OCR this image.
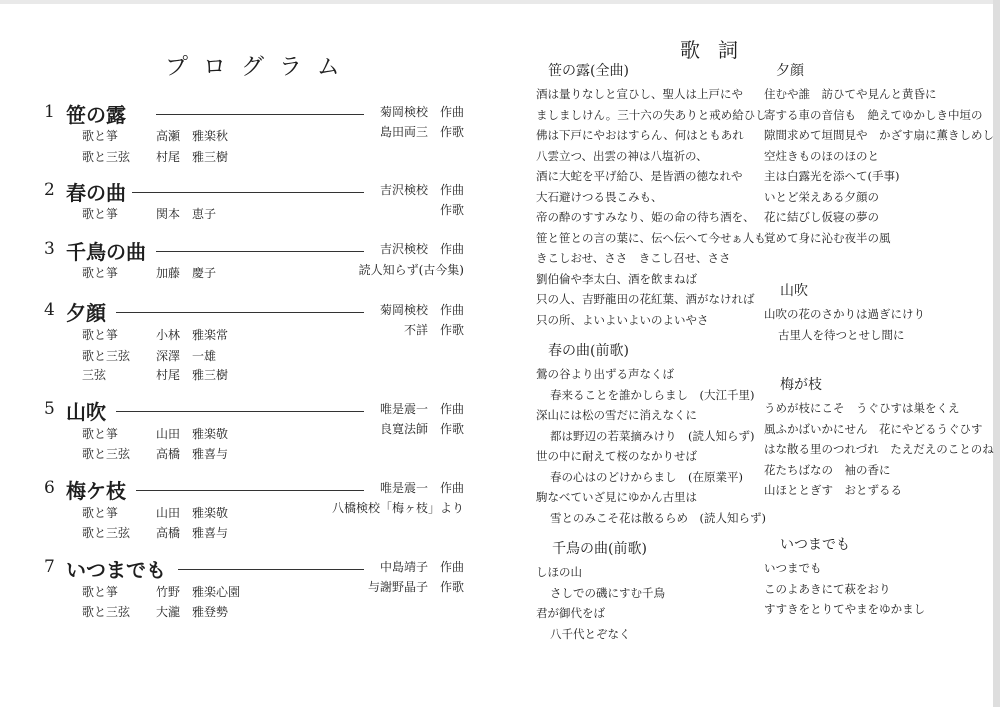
プログラム
1 笹の露	菊岡検校　作曲
島田両三　作歌
歌と箏	高瀬　雅楽秋
歌と三弦 村尾　雅三樹
2 春の曲	吉沢検校　作曲
作歌
歌と箏	関本　恵子
3 千鳥の曲	吉沢検校　作曲
読人知らず(古今集)
歌と箏	加藤　慶子
4 夕顔	菊岡検校　作曲
不詳　作歌
歌と箏	小林　雅楽常
歌と三弦 深澤　一雄
三弦	村尾　雅三樹
5 山吹	唯是震一　作曲
良寛法師　作歌
歌と箏	山田　雅楽敬
歌と三弦 高橋　雅喜与
6 梅ケ枝	唯是震一　作曲
八橋検校「梅ヶ枝」より
歌と箏	山田　雅楽敬
歌と三弦 高橋　雅喜与
7 いつまでも	中島靖子　作曲
与謝野晶子　作歌
歌と箏	竹野　雅楽心園
歌と三弦 大瀧　雅登勢
歌詞
笹の露(全曲)
酒は量りなしと宣ひし、聖人は上戸にや
ましましけん。三十六の失ありと戒め給ひし
佛は下戸にやおはすらん、何はともあれ
八雲立つ、出雲の神は八塩祈の、
酒に大蛇を平げ給ひ、是皆酒の徳なれや
大石避けつる畏こみも、
帝の酔のすすみなり、姫の命の待ち酒を、
笹と笹との言の葉に、伝へ伝へて今せぁ人も
きこしおせ、ささ　きこし召せ、ささ
劉伯倫や李太白、酒を飲まねば
只の人、吉野龍田の花紅葉、酒がなければ
只の所、よいよいよいのよいやさ
春の曲(前歌)
鶯の谷より出ずる声なくば
春来ることを誰かしらまし　(大江千里)
深山には松の雪だに消えなくに
都は野辺の若菜摘みけり　(読人知らず)
世の中に耐えて桜のなかりせば
春の心はのどけからまし　(在原業平)
駒なべていざ見にゆかん古里は
雪とのみこそ花は散るらめ　(読人知らず)
千鳥の曲(前歌)
しほの山
さしでの磯にすむ千鳥
君が御代をば
八千代とぞなく
夕顔
住むや誰　訪ひてや見んと黄昏に
寄する車の音信も　絶えてゆかしき中垣の
隙間求めて垣間見や　かざす扇に薫きしめし
空炷きものほのほのと
主は白露光を添へて(手事)
いとど栄えある夕顔の
花に結びし仮寝の夢の
覚めて身に沁む夜半の風
山吹
山吹の花のさかりは過ぎにけり
古里人を待つとせし間に
梅が枝
うめが枝にこそ　うぐひすは巣をくえ
風ふかばいかにせん　花にやどるうぐひす
はな散る里のつれづれ　たえだえのことのね
花たちばなの　袖の香に
山ほととぎす　おとずるる
いつまでも
いつまでも
このよあきにて萩をおり
すすきをとりてやまをゆかまし
